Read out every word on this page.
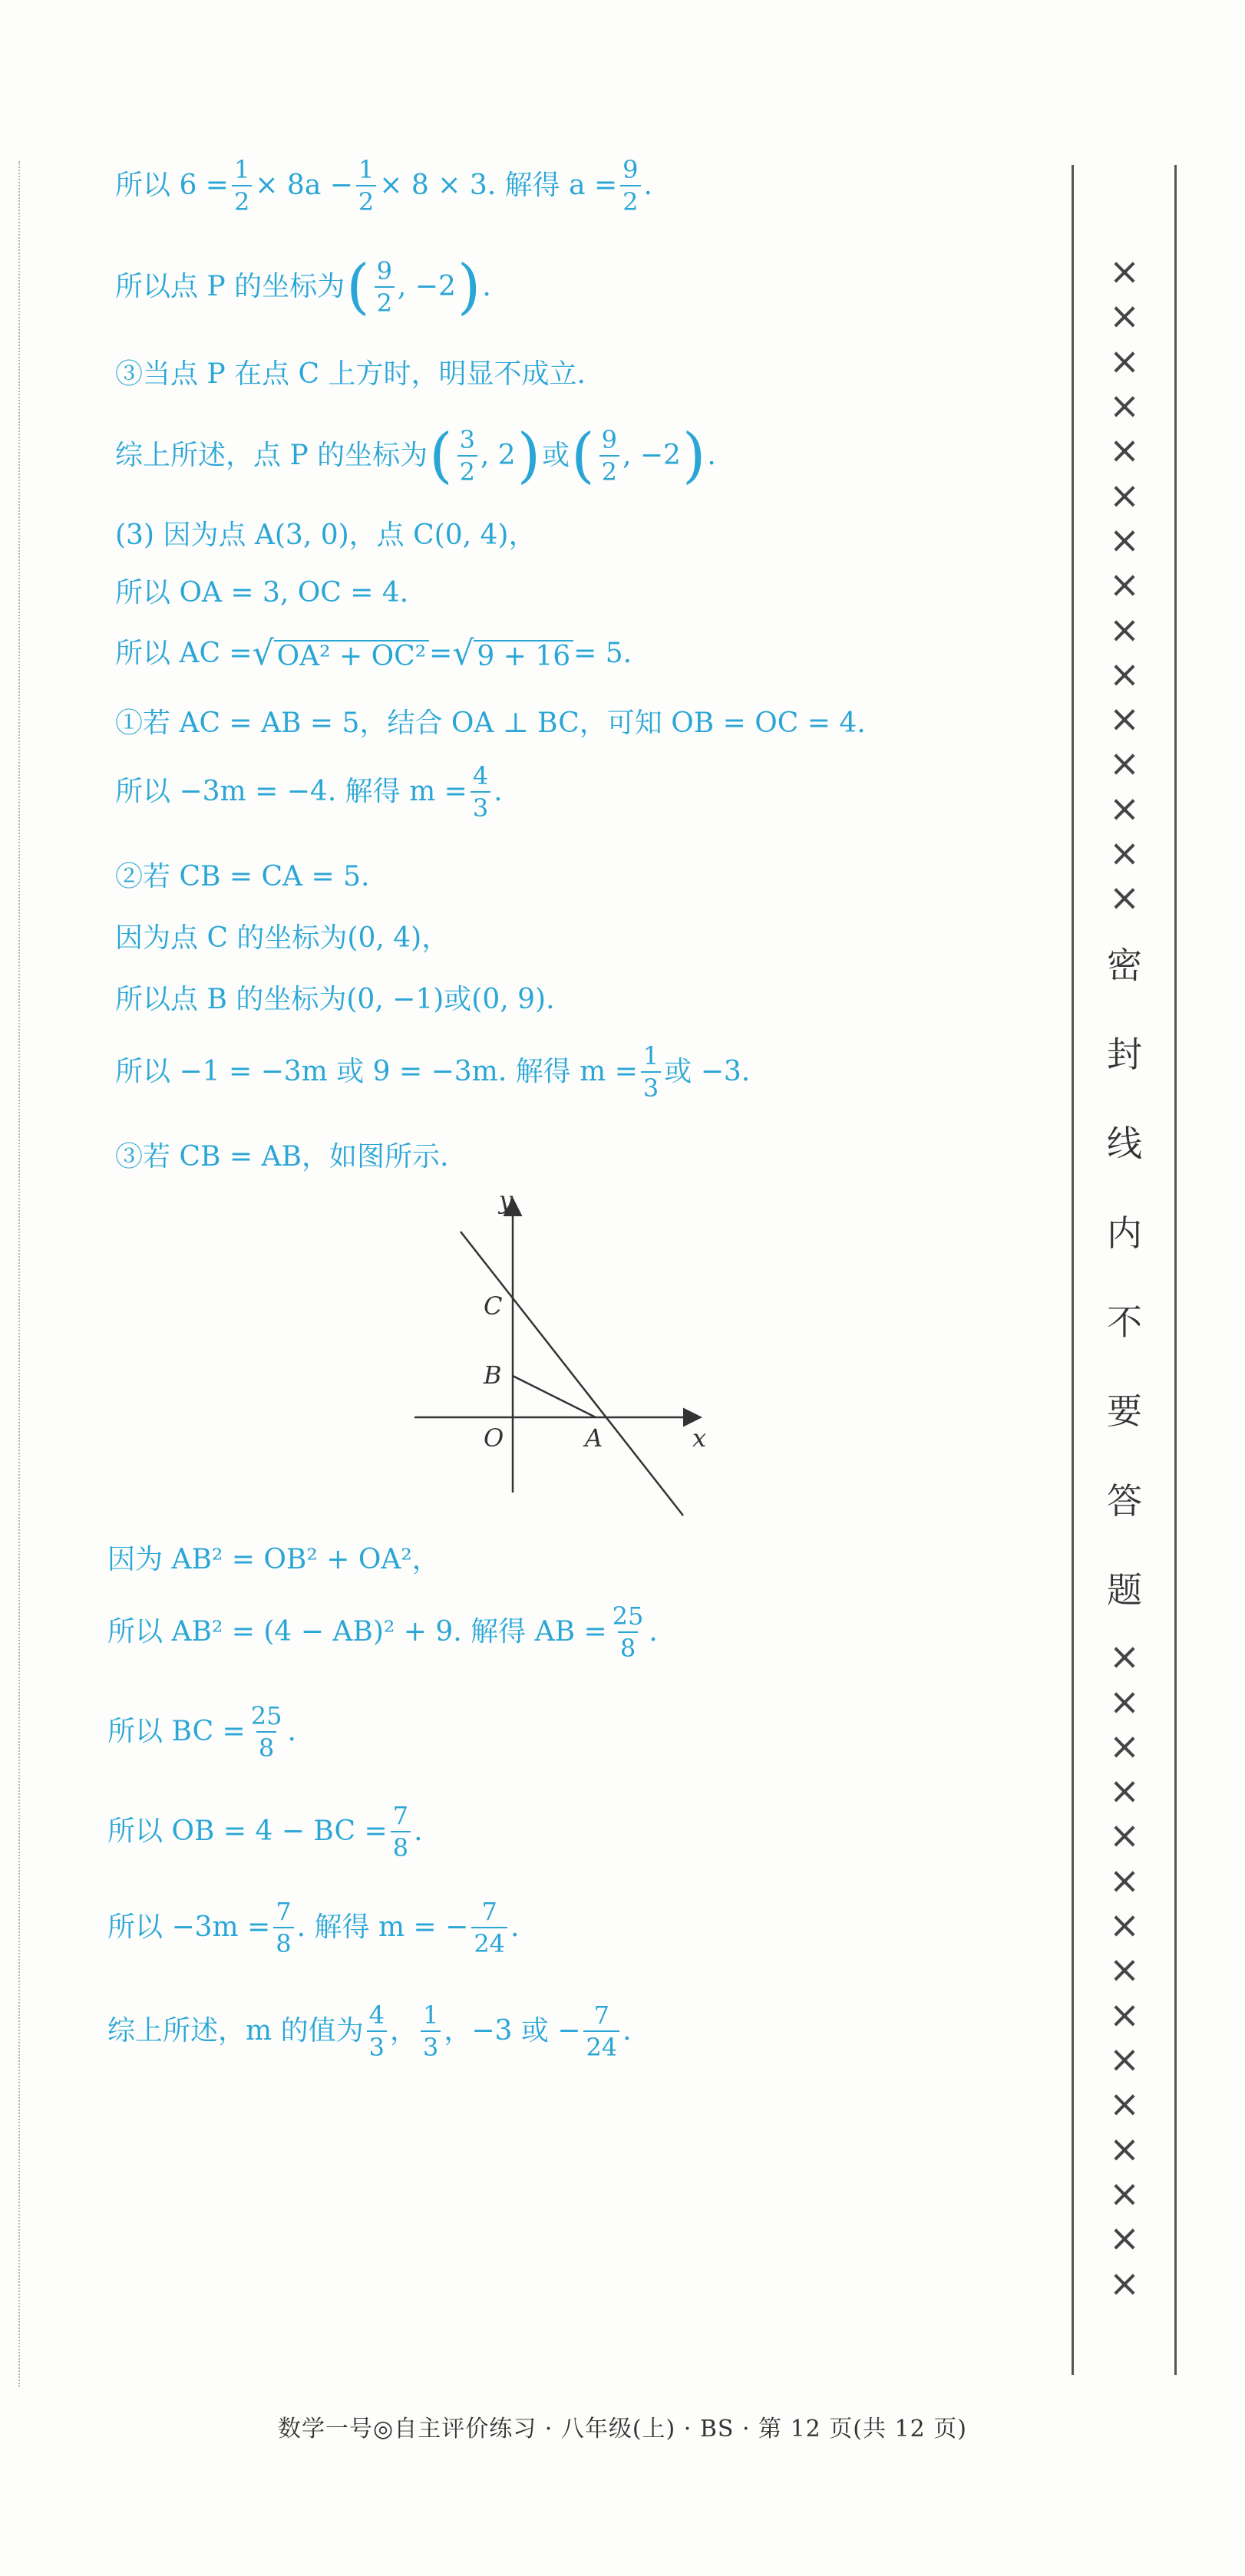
×
×
×
×
×
×
×
×
×
×
×
×
×
×
×
密
封
线
内
不
要
答
题
×
×
×
×
×
×
×
×
×
×
×
×
×
×
×
所以 $6 = \frac{1}{2} \times 8a - \frac{1}{2} \times 8 \times 3$. 解得 $a = \frac{9}{2}$ .
所以点 P 的坐标为 ( $\frac{9}{2}$ , −2 ) .
③当点 P 在点 C 上方时，明显不成立.
综上所述，点 P 的坐标为 ( $\frac{3}{2}$ , 2 ) 或 ( $\frac{9}{2}$ , −2 ) .
(3) 因为点 A(3, 0)，点 C(0, 4)，
所以 OA = 3, OC = 4.
所以 AC = √ OA² + OC² = √ 9 + 16 = 5.
①若 AC = AB = 5，结合 OA ⊥ BC，可知 OB = OC = 4.
所以 −3m = −4. 解得 $m = \frac{4}{3}$ .
②若 CB = CA = 5.
因为点 C 的坐标为(0, 4)，
所以点 B 的坐标为(0, −1)或(0, 9).
所以 −1 = −3m 或 9 = −3m. 解得 $m = \frac{1}{3}$ 或 −3.
③若 CB = AB，如图所示.
y
x
C
B
O	A
因为 AB² = OB² + OA²，
所以 AB² = (4 − AB)² + 9. 解得 AB = $\frac{25}{8}$ .
所以 BC = $\frac{25}{8}$ .
所以 OB = 4 − BC = $\frac{7}{8}$ .
所以 $-3m = \frac{7}{8}$ . 解得 m = − $\frac{7}{24}$ .
综上所述，m 的值为 $\frac{4}{3}$ ， $\frac{1}{3}$ ，−3 或 − $\frac{7}{24}$ .
数学一号◎自主评价练习 · 八年级(上) · BS · 第 12 页(共 12 页)
